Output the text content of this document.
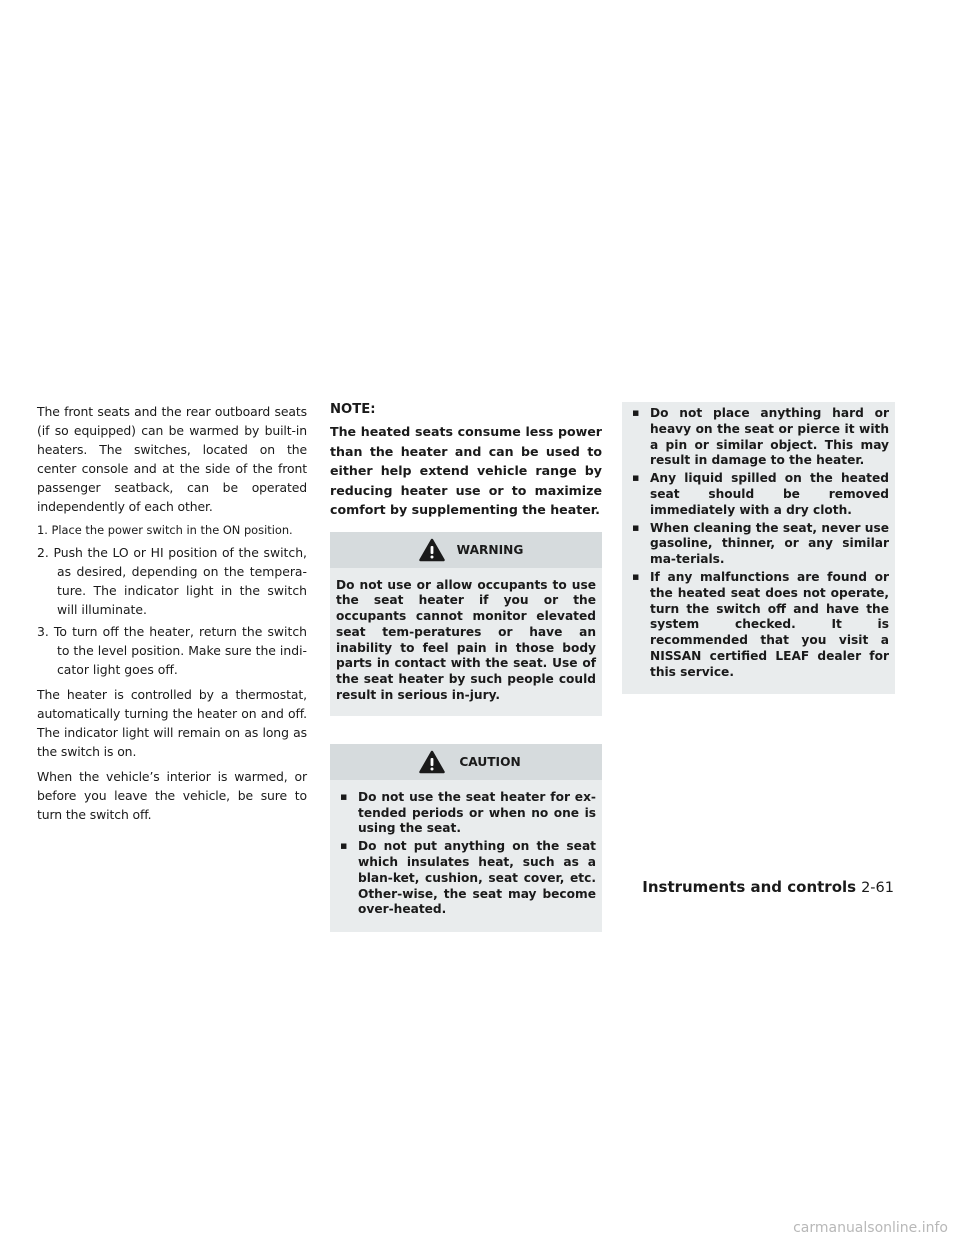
The front seats and the rear outboard seats (if so equipped) can be warmed by built-in heaters. The switches, located on the center console and at the side of the front passenger seatback, can be operated independently of each other.

1. Place the power switch in the ON position.
2. Push the LO or HI position of the switch, as desired, depending on the tempera-ture. The indicator light in the switch will illuminate.
3. To turn off the heater, return the switch to the level position. Make sure the indi-cator light goes off.

The heater is controlled by a thermostat, automatically turning the heater on and off. The indicator light will remain on as long as the switch is on.

When the vehicle’s interior is warmed, or before you leave the vehicle, be sure to turn the switch off.

NOTE:

The heated seats consume less power than the heater and can be used to either help extend vehicle range by reducing heater use or to maximize comfort by supplementing the heater.

WARNING

Do not use or allow occupants to use the seat heater if you or the occupants cannot monitor elevated seat tem-peratures or have an inability to feel pain in those body parts in contact with the seat. Use of the seat heater by such people could result in serious in-jury.

CAUTION
▪ Do not use the seat heater for ex-tended periods or when no one is using the seat.
▪ Do not put anything on the seat which insulates heat, such as a blan-ket, cushion, seat cover, etc. Other-wise, the seat may become over-heated.
▪ Do not place anything hard or heavy on the seat or pierce it with a pin or similar object. This may result in damage to the heater.
▪ Any liquid spilled on the heated seat should be removed immediately with a dry cloth.
▪ When cleaning the seat, never use gasoline, thinner, or any similar ma-terials.
▪ If any malfunctions are found or the heated seat does not operate, turn the switch off and have the system checked. It is recommended that you visit a NISSAN certified LEAF dealer for this service.
Instruments and controls 2-61
carmanualsonline.info
